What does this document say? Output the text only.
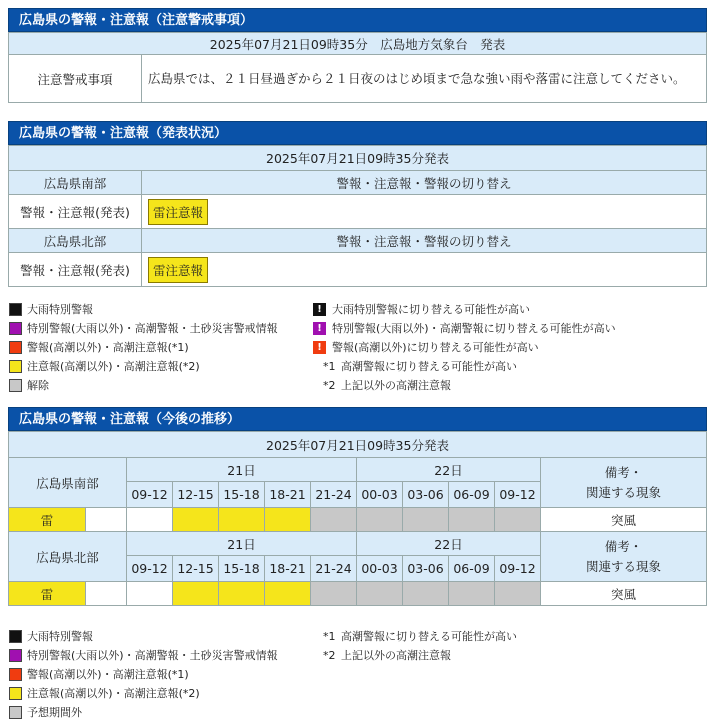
広島県の警報・注意報（注意警戒事項）
2025年07月21日09時35分　広島地方気象台　発表
注意警戒事項	広島県では、２１日昼過ぎから２１日夜のはじめ頃まで急な強い雨や落雷に注意してください。
広島県の警報・注意報（発表状況）
2025年07月21日09時35分発表	
広島県南部	警報・注意報・警報の切り替え
警報・注意報(発表)	雷注意報
広島県北部	警報・注意報・警報の切り替え
警報・注意報(発表)	雷注意報
大雨特別警報
特別警報(大雨以外)・高潮警報・土砂災害警戒情報
警報(高潮以外)・高潮注意報(*1)
注意報(高潮以外)・高潮注意報(*2)
解除
! 大雨特別警報に切り替える可能性が高い
! 特別警報(大雨以外)・高潮警報に切り替える可能性が高い
! 警報(高潮以外)に切り替える可能性が高い
*1 高潮警報に切り替える可能性が高い
*2 上記以外の高潮注意報
広島県の警報・注意報（今後の推移）
2025年07月21日09時35分発表											
広島県南部		21日					22日				備考・
関連する現象
		09-12	12-15	15-18	18-21	21-24	00-03	03-06	06-09	09-12	
雷											突風
広島県北部		21日					22日				備考・
関連する現象
		09-12	12-15	15-18	18-21	21-24	00-03	03-06	06-09	09-12	
雷											突風
大雨特別警報
特別警報(大雨以外)・高潮警報・土砂災害警戒情報
警報(高潮以外)・高潮注意報(*1)
注意報(高潮以外)・高潮注意報(*2)
予想期間外
*1 高潮警報に切り替える可能性が高い
*2 上記以外の高潮注意報
